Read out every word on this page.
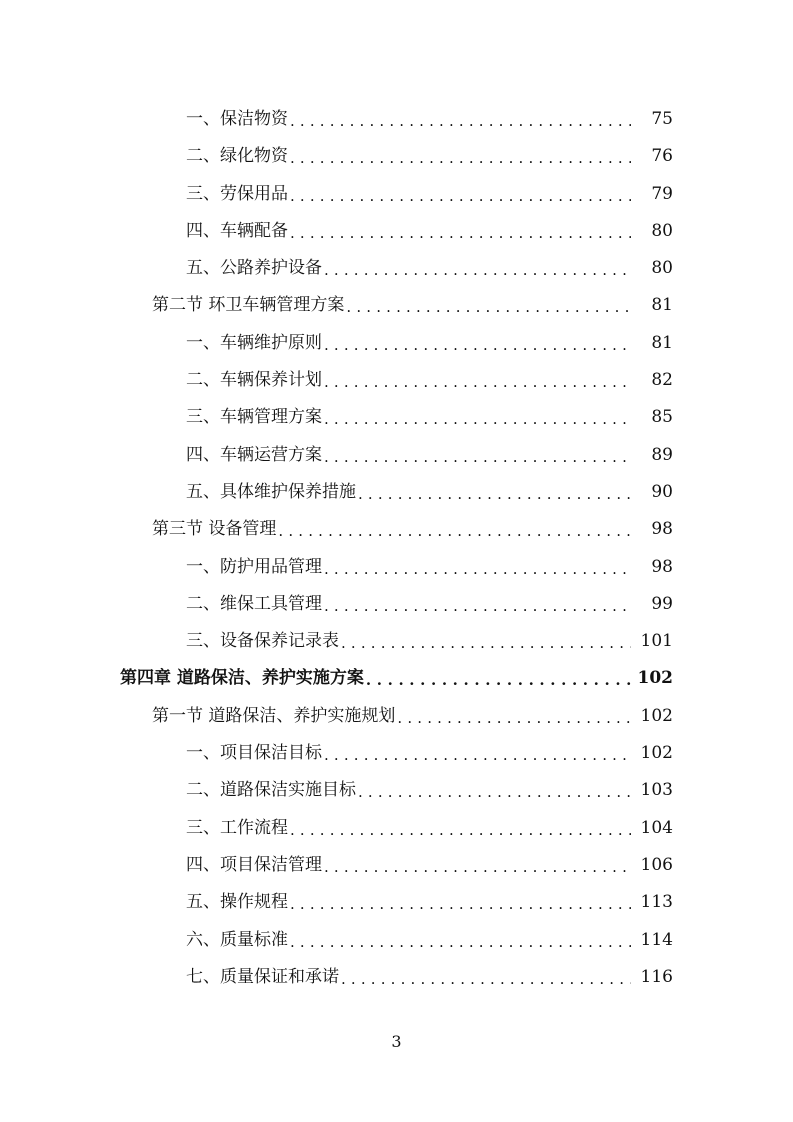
一、保洁物资 . . .	75
二、绿化物资 . . .	76
三、劳保用品 . . .	79
四、车辆配备 . . .	80
五、公路养护设备 . . .	80
第二节 环卫车辆管理方案 . . .	81
一、车辆维护原则 . . .	81
二、车辆保养计划 . . .	82
三、车辆管理方案 . . .	85
四、车辆运营方案 . . .	89
五、具体维护保养措施 . . .	90
第三节 设备管理 . . .	98
一、防护用品管理 . . .	98
二、维保工具管理 . . .	99
三、设备保养记录表 . . .	101
第四章 道路保洁、养护实施方案 . . .	102
第一节 道路保洁、养护实施规划 . . .	102
一、项目保洁目标 . . .	102
二、道路保洁实施目标 . . .	103
三、工作流程 . . .	104
四、项目保洁管理 . . .	106
五、操作规程 . . .	113
六、质量标准 . . .	114
七、质量保证和承诺 . . .	116
3
